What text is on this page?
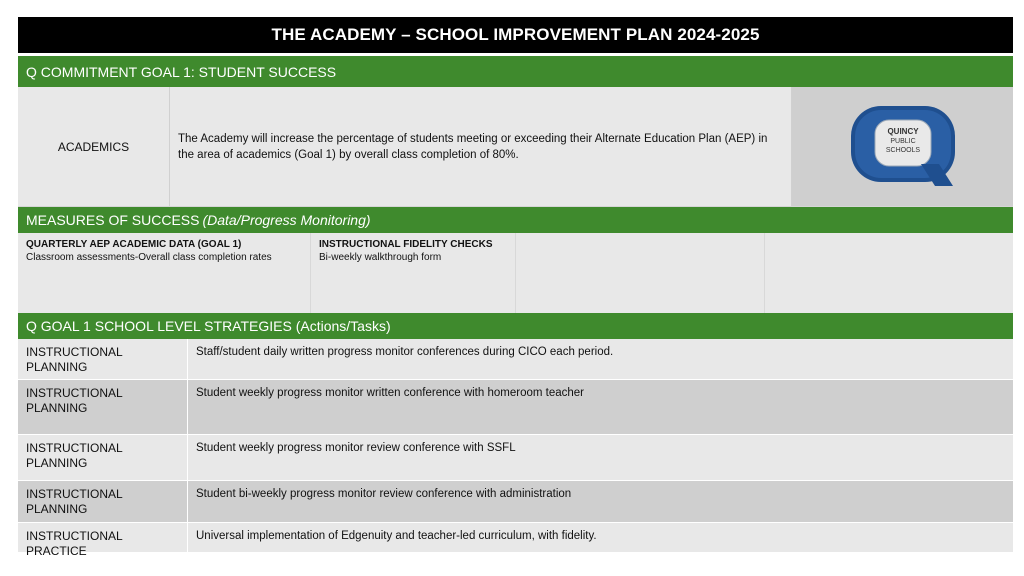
THE ACADEMY – SCHOOL IMPROVEMENT PLAN 2024-2025
Q COMMITMENT GOAL 1: STUDENT SUCCESS
ACADEMICS
The Academy will increase the percentage of students meeting or exceeding their Alternate Education Plan (AEP) in the area of academics (Goal 1) by overall class completion of 80%.
QUINCY
PUBLIC
SCHOOLS
MEASURES OF SUCCESS (Data/Progress Monitoring)
QUARTERLY AEP ACADEMIC DATA (GOAL 1)
Classroom assessments-Overall class completion rates
INSTRUCTIONAL FIDELITY CHECKS
Bi-weekly walkthrough form
Q GOAL 1 SCHOOL LEVEL STRATEGIES (Actions/Tasks)
INSTRUCTIONAL PLANNING
Staff/student daily written progress monitor conferences during CICO each period.
INSTRUCTIONAL PLANNING
Student weekly progress monitor written conference with homeroom teacher
INSTRUCTIONAL PLANNING
Student weekly progress monitor review conference with SSFL
INSTRUCTIONAL PLANNING
Student bi-weekly progress monitor review conference with administration
INSTRUCTIONAL PRACTICE
Universal implementation of Edgenuity and teacher-led curriculum, with fidelity.
